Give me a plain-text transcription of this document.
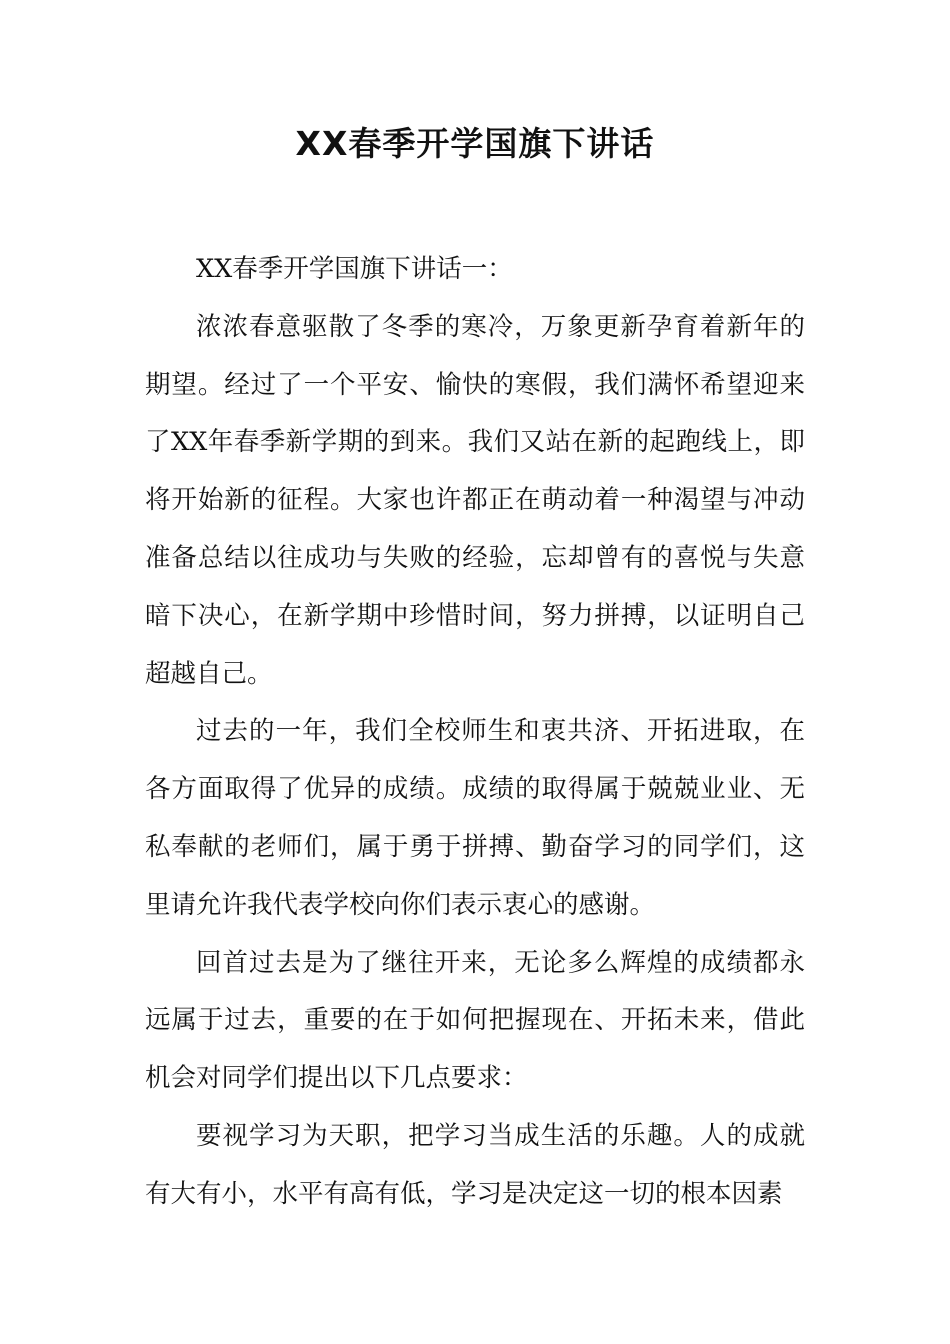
XX春季开学国旗下讲话
XX春季开学国旗下讲话一：
浓浓春意驱散了冬季的寒冷，万象更新孕育着新年的
期望。经过了一个平安、愉快的寒假，我们满怀希望迎来
了XX年春季新学期的到来。我们又站在新的起跑线上，即
将开始新的征程。大家也许都正在萌动着一种渴望与冲动
准备总结以往成功与失败的经验，忘却曾有的喜悦与失意
暗下决心，在新学期中珍惜时间，努力拼搏，以证明自己
超越自己。
过去的一年，我们全校师生和衷共济、开拓进取，在
各方面取得了优异的成绩。成绩的取得属于兢兢业业、无
私奉献的老师们，属于勇于拼搏、勤奋学习的同学们，这
里请允许我代表学校向你们表示衷心的感谢。
回首过去是为了继往开来，无论多么辉煌的成绩都永
远属于过去，重要的在于如何把握现在、开拓未来，借此
机会对同学们提出以下几点要求：
要视学习为天职，把学习当成生活的乐趣。人的成就
有大有小，水平有高有低，学习是决定这一切的根本因素
